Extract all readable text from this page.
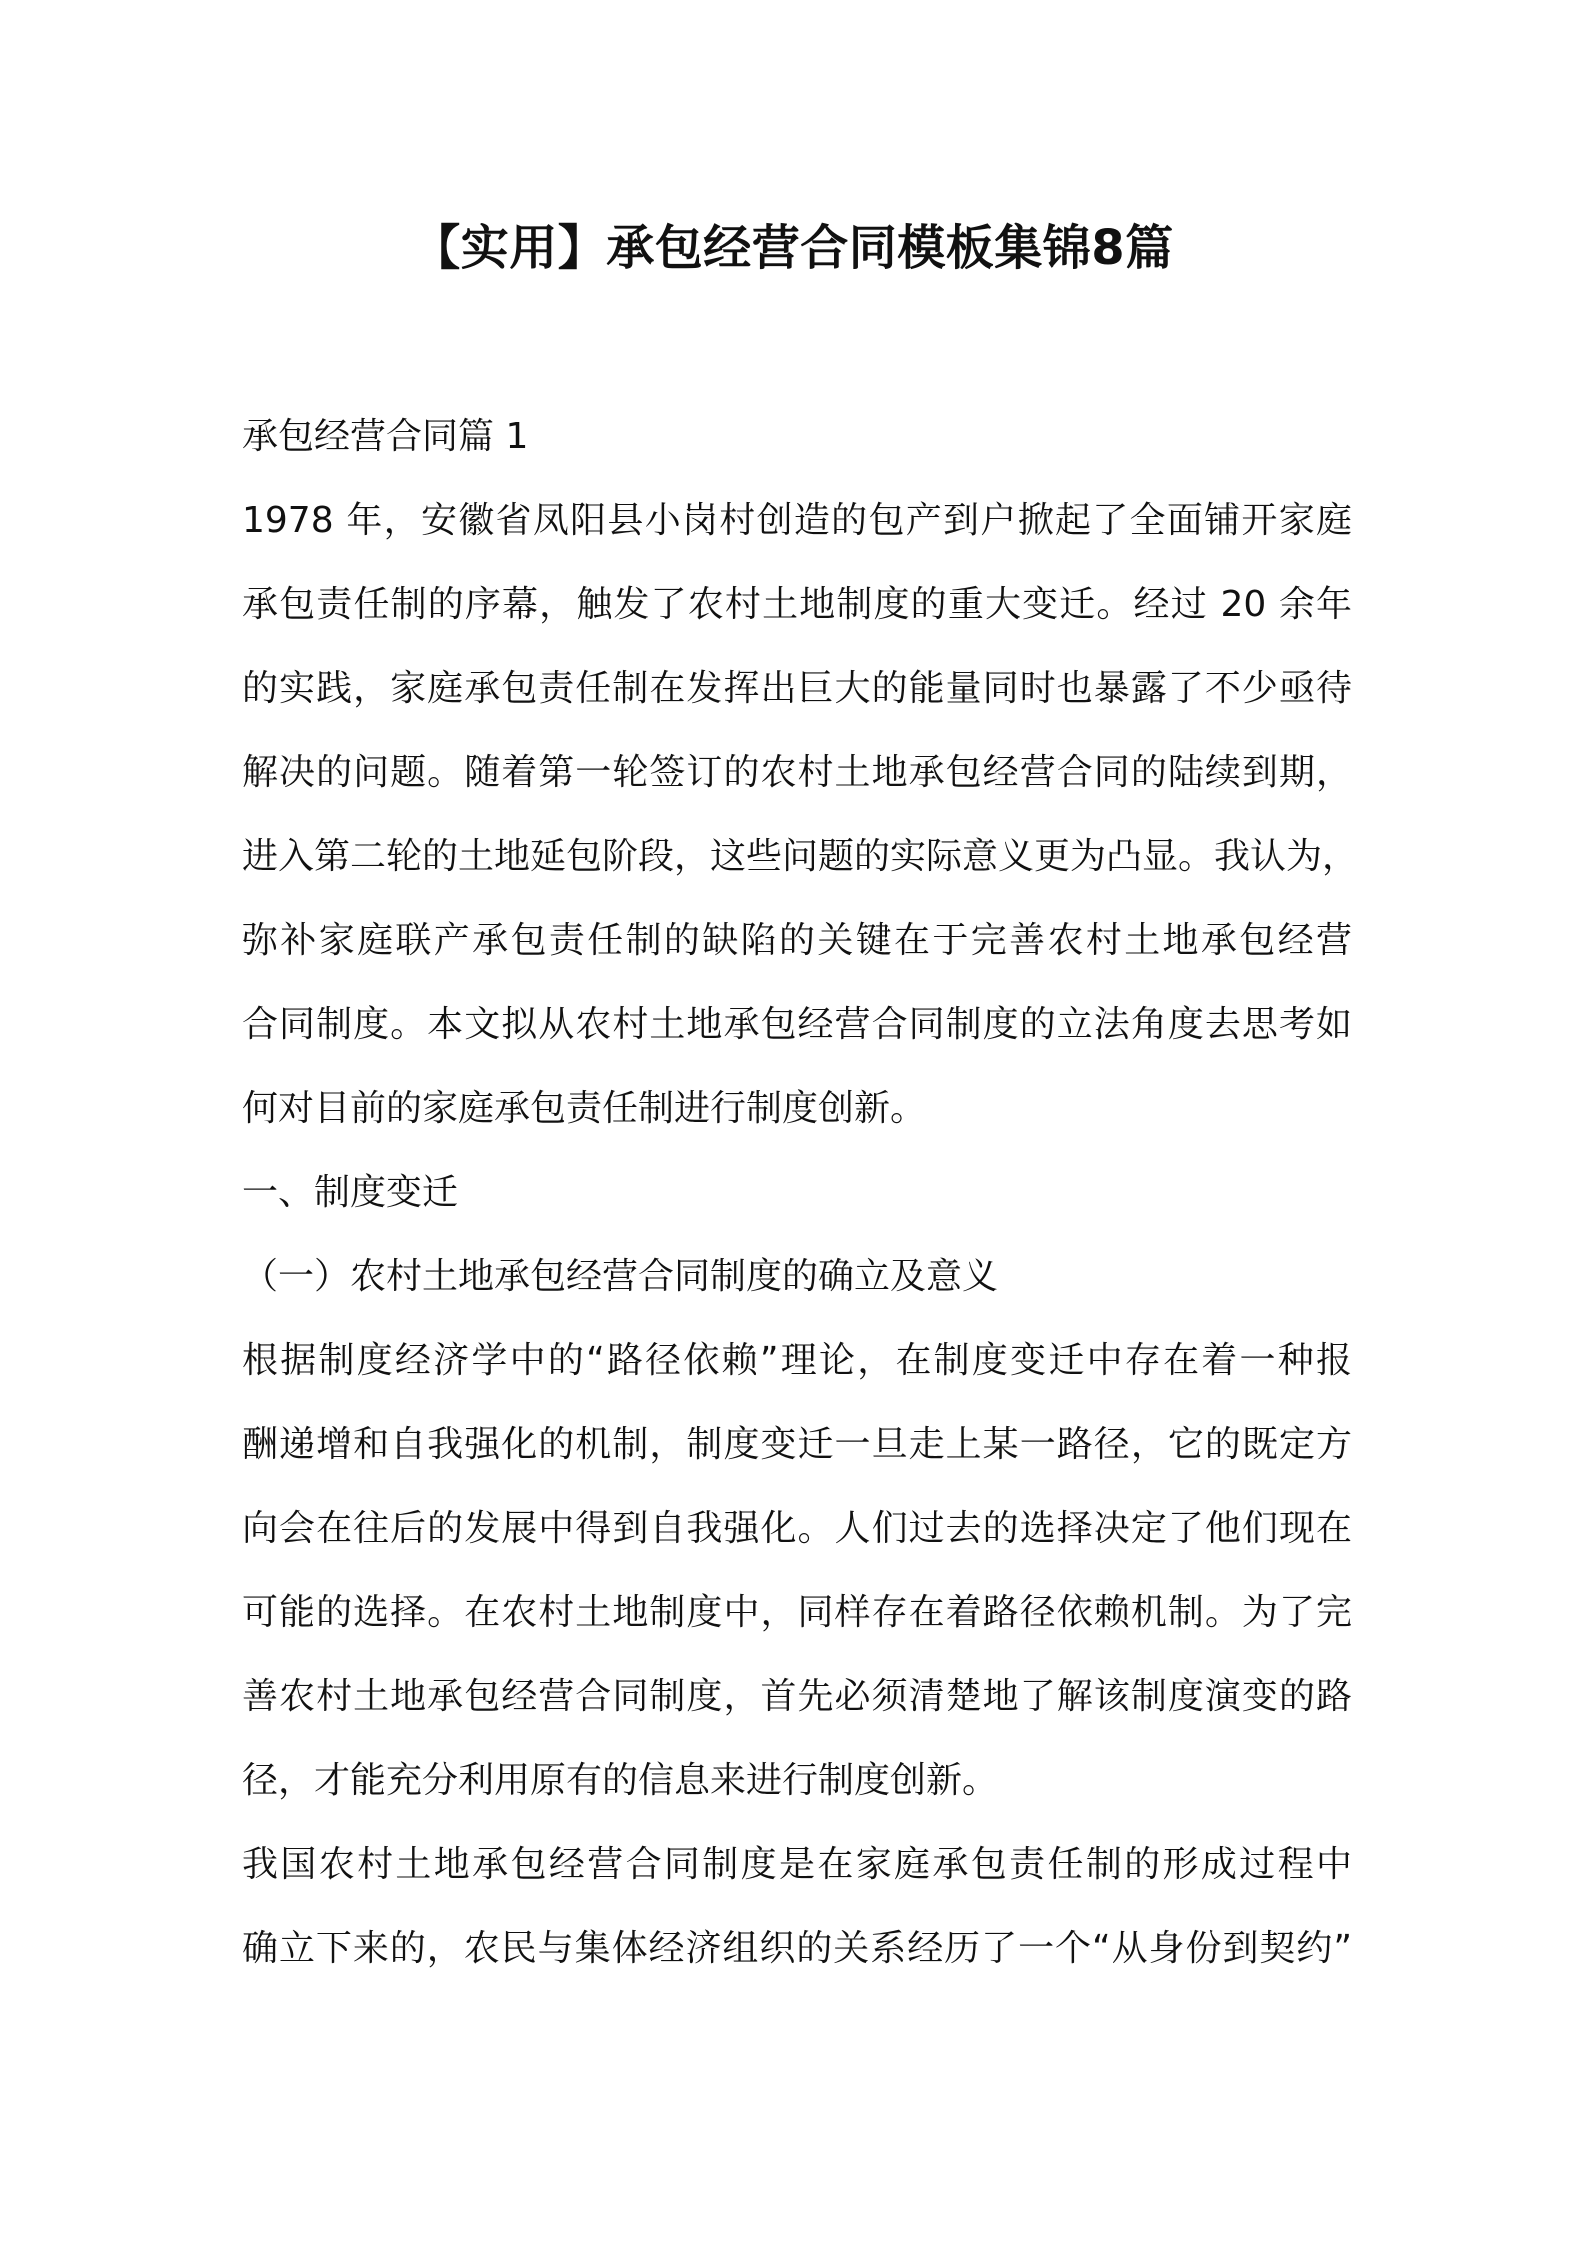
【实用】承包经营合同模板集锦8篇
承包经营合同篇 1
1978 年，安徽省凤阳县小岗村创造的包产到户掀起了全面铺开家庭
承包责任制的序幕，触发了农村土地制度的重大变迁。经过 20 余年
的实践，家庭承包责任制在发挥出巨大的能量同时也暴露了不少亟待
解决的问题。随着第一轮签订的农村土地承包经营合同的陆续到期，
进入第二轮的土地延包阶段，这些问题的实际意义更为凸显。我认为，
弥补家庭联产承包责任制的缺陷的关键在于完善农村土地承包经营
合同制度。本文拟从农村土地承包经营合同制度的立法角度去思考如
何对目前的家庭承包责任制进行制度创新。
一、制度变迁
（一）农村土地承包经营合同制度的确立及意义
根据制度经济学中的“路径依赖”理论，在制度变迁中存在着一种报
酬递增和自我强化的机制，制度变迁一旦走上某一路径，它的既定方
向会在往后的发展中得到自我强化。人们过去的选择决定了他们现在
可能的选择。在农村土地制度中，同样存在着路径依赖机制。为了完
善农村土地承包经营合同制度，首先必须清楚地了解该制度演变的路
径，才能充分利用原有的信息来进行制度创新。
我国农村土地承包经营合同制度是在家庭承包责任制的形成过程中
确立下来的，农民与集体经济组织的关系经历了一个“从身份到契约”
